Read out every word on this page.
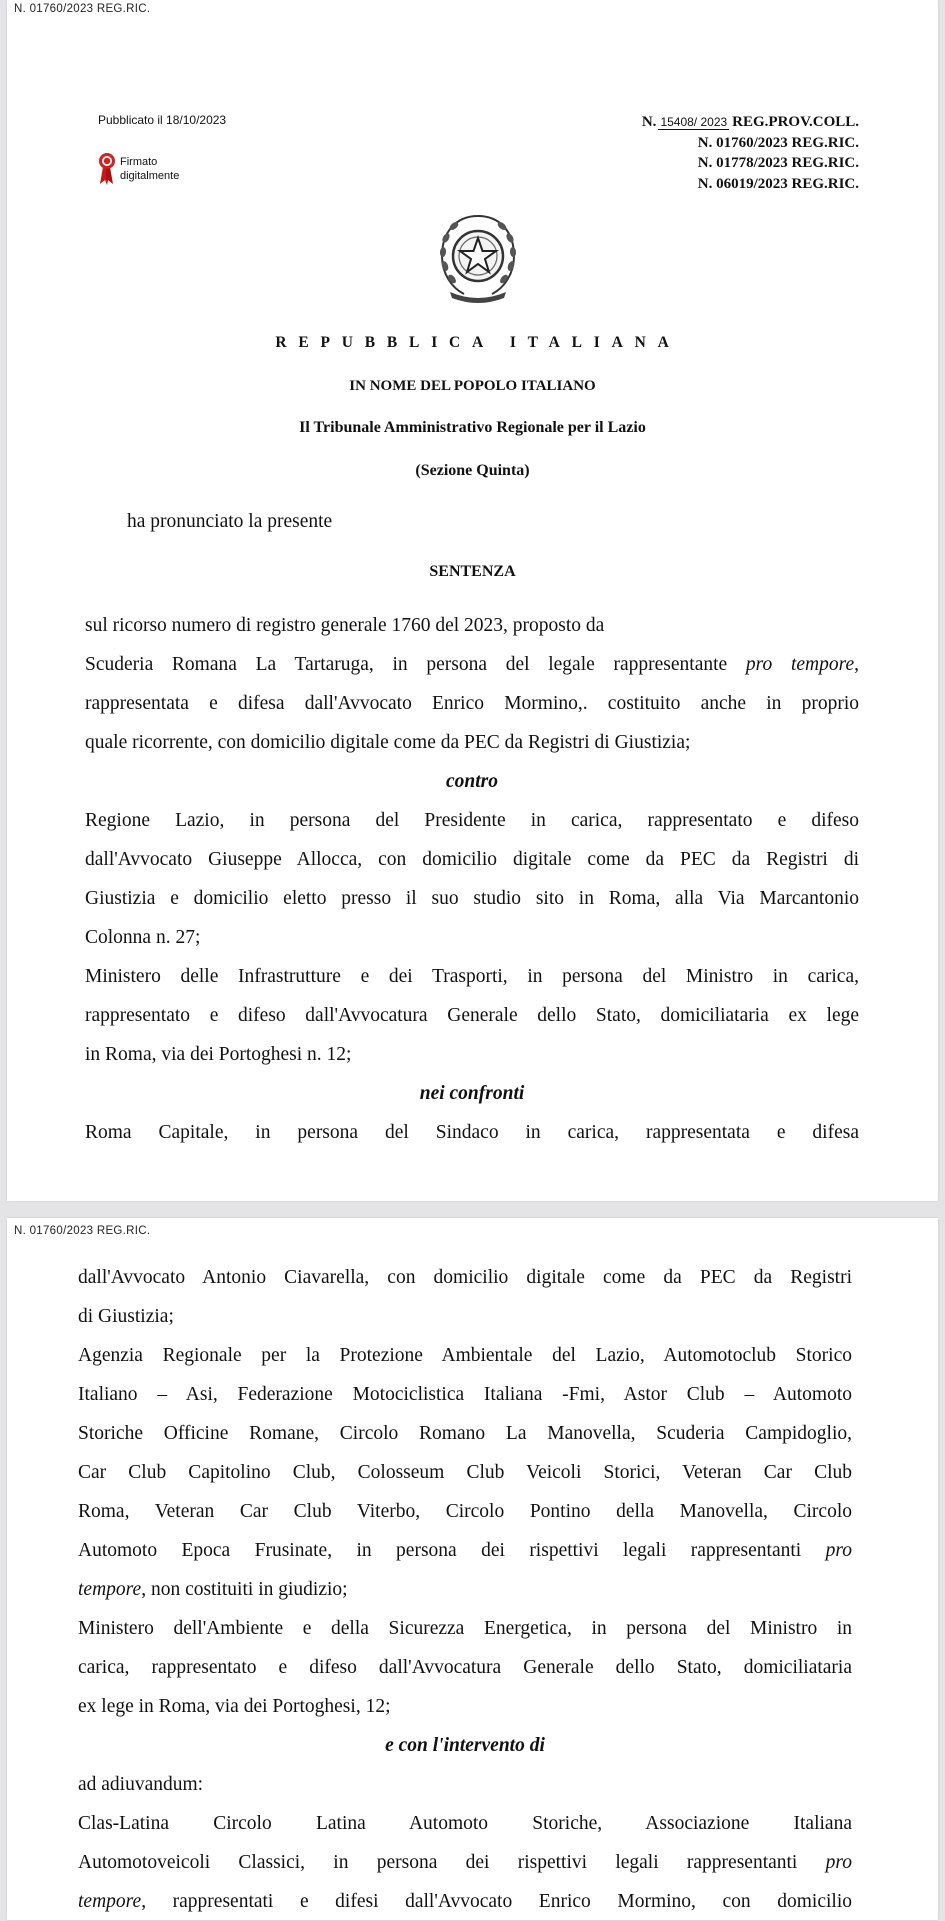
N. 01760/2023 REG.RIC.
Pubblicato il 18/10/2023
Firmato
digitalmente
N. 15408/ 2023 REG.PROV.COLL.
N. 01760/2023 REG.RIC.
N. 01778/2023 REG.RIC.
N. 06019/2023 REG.RIC.
REPUBBLICA ITALIANA
IN NOME DEL POPOLO ITALIANO
Il Tribunale Amministrativo Regionale per il Lazio
(Sezione Quinta)
ha pronunciato la presente
SENTENZA

sul ricorso numero di registro generale 1760 del 2023, proposto da

Scuderia Romana La Tartaruga, in persona del legale rappresentante pro tempore,

rappresentata e difesa dall'Avvocato Enrico Mormino,. costituito anche in proprio

quale ricorrente, con domicilio digitale come da PEC da Registri di Giustizia;

contro

Regione Lazio, in persona del Presidente in carica, rappresentato e difeso

dall'Avvocato Giuseppe Allocca, con domicilio digitale come da PEC da Registri di

Giustizia e domicilio eletto presso il suo studio sito in Roma, alla Via Marcantonio

Colonna n. 27;

Ministero delle Infrastrutture e dei Trasporti, in persona del Ministro in carica,

rappresentato e difeso dall'Avvocatura Generale dello Stato, domiciliataria ex lege

in Roma, via dei Portoghesi n. 12;

nei confronti

Roma Capitale, in persona del Sindaco in carica, rappresentata e difesa

N. 01760/2023 REG.RIC.

dall'Avvocato Antonio Ciavarella, con domicilio digitale come da PEC da Registri

di Giustizia;

Agenzia Regionale per la Protezione Ambientale del Lazio, Automotoclub Storico

Italiano – Asi, Federazione Motociclistica Italiana -Fmi, Astor Club – Automoto

Storiche Officine Romane, Circolo Romano La Manovella, Scuderia Campidoglio,

Car Club Capitolino Club, Colosseum Club Veicoli Storici, Veteran Car Club

Roma, Veteran Car Club Viterbo, Circolo Pontino della Manovella, Circolo

Automoto Epoca Frusinate, in persona dei rispettivi legali rappresentanti pro

tempore, non costituiti in giudizio;

Ministero dell'Ambiente e della Sicurezza Energetica, in persona del Ministro in

carica, rappresentato e difeso dall'Avvocatura Generale dello Stato, domiciliataria

ex lege in Roma, via dei Portoghesi, 12;

e con l'intervento di

ad adiuvandum:

Clas-Latina Circolo Latina Automoto Storiche, Associazione Italiana

Automotoveicoli Classici, in persona dei rispettivi legali rappresentanti pro

tempore, rappresentati e difesi dall'Avvocato Enrico Mormino, con domicilio
